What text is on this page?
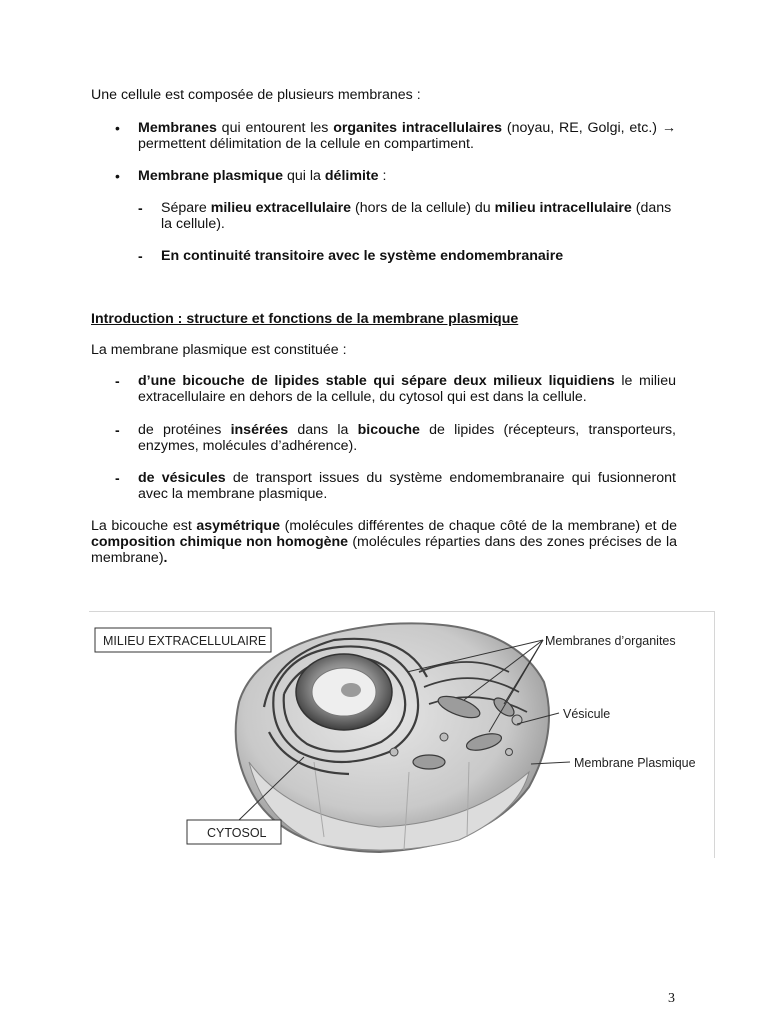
Une cellule est composée de plusieurs membranes :
• Membranes qui entourent les organites intracellulaires (noyau, RE, Golgi, etc.) → permettent délimitation de la cellule en compartiment.
• Membrane plasmique qui la délimite :
- Sépare milieu extracellulaire (hors de la cellule) du milieu intracellulaire (dans la cellule).
- En continuité transitoire avec le système endomembranaire
Introduction : structure et fonctions de la membrane plasmique
La membrane plasmique est constituée :
- d’une bicouche de lipides stable qui sépare deux milieux liquidiens le milieu extracellulaire en dehors de la cellule, du cytosol qui est dans la cellule.
- de protéines insérées dans la bicouche de lipides (récepteurs, transporteurs, enzymes, molécules d’adhérence).
- de vésicules de transport issues du système endomembranaire qui fusionneront avec la membrane plasmique.
La bicouche est asymétrique (molécules différentes de chaque côté de la membrane) et de composition chimique non homogène (molécules réparties dans des zones précises de la membrane).
MILIEU EXTRACELLULAIRE
CYTOSOL
Membranes d’organites
Vésicule
Membrane Plasmique
3
